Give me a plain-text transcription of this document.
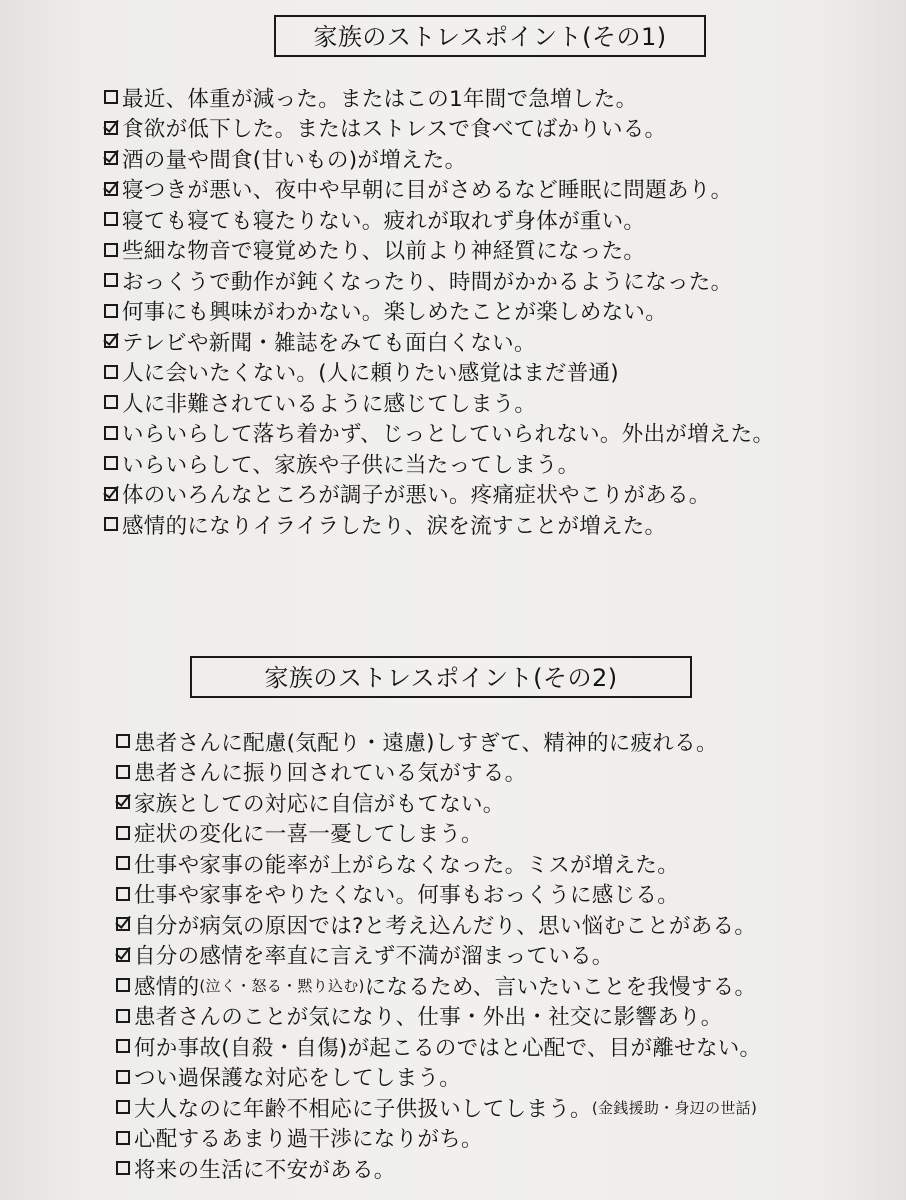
家族のストレスポイント(その1)
最近、体重が減った。またはこの1年間で急増した。
食欲が低下した。またはストレスで食べてばかりいる。
酒の量や間食(甘いもの)が増えた。
寝つきが悪い、夜中や早朝に目がさめるなど睡眠に問題あり。
寝ても寝ても寝たりない。疲れが取れず身体が重い。
些細な物音で寝覚めたり、以前より神経質になった。
おっくうで動作が鈍くなったり、時間がかかるようになった。
何事にも興味がわかない。楽しめたことが楽しめない。
テレビや新聞・雑誌をみても面白くない。
人に会いたくない。(人に頼りたい感覚はまだ普通)
人に非難されているように感じてしまう。
いらいらして落ち着かず、じっとしていられない。外出が増えた。
いらいらして、家族や子供に当たってしまう。
体のいろんなところが調子が悪い。疼痛症状やこりがある。
感情的になりイライラしたり、涙を流すことが増えた。
家族のストレスポイント(その2)
患者さんに配慮(気配り・遠慮)しすぎて、精神的に疲れる。
患者さんに振り回されている気がする。
家族としての対応に自信がもてない。
症状の変化に一喜一憂してしまう。
仕事や家事の能率が上がらなくなった。ミスが増えた。
仕事や家事をやりたくない。何事もおっくうに感じる。
自分が病気の原因では?と考え込んだり、思い悩むことがある。
自分の感情を率直に言えず不満が溜まっている。
感情的 (泣く・怒る・黙り込む) になるため、言いたいことを我慢する。
患者さんのことが気になり、仕事・外出・社交に影響あり。
何か事故(自殺・自傷)が起こるのではと心配で、目が離せない。
つい過保護な対応をしてしまう。
大人なのに年齢不相応に子供扱いしてしまう。 (金銭援助・身辺の世話)
心配するあまり過干渉になりがち。
将来の生活に不安がある。
